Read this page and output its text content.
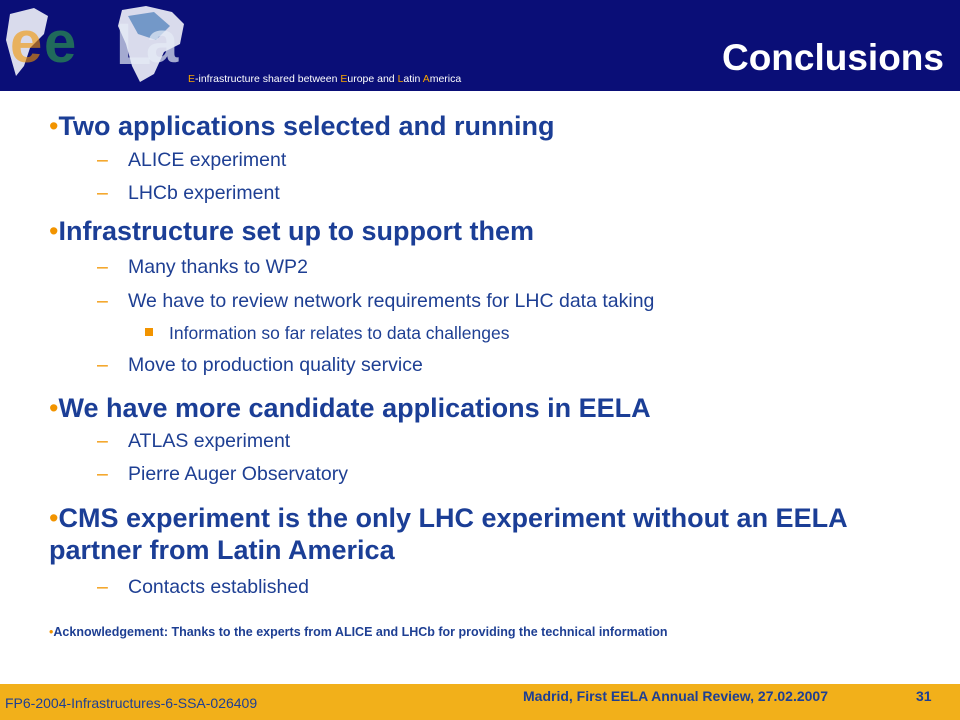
e e L
a
E-infrastructure shared between Europe and Latin America
Conclusions
•Two applications selected and running
– ALICE experiment
– LHCb experiment
•Infrastructure set up to support them
– Many thanks to WP2
– We have to review network requirements for LHC data taking
Information so far relates to data challenges
– Move to production quality service
•We have more candidate applications in EELA
– ATLAS experiment
– Pierre Auger Observatory
•CMS experiment is the only LHC experiment without an EELA partner from Latin America
– Contacts established
•Acknowledgement: Thanks to the experts from ALICE and LHCb for providing the technical information
FP6-2004-Infrastructures-6-SSA-026409	Madrid, First EELA Annual Review, 27.02.2007	31
